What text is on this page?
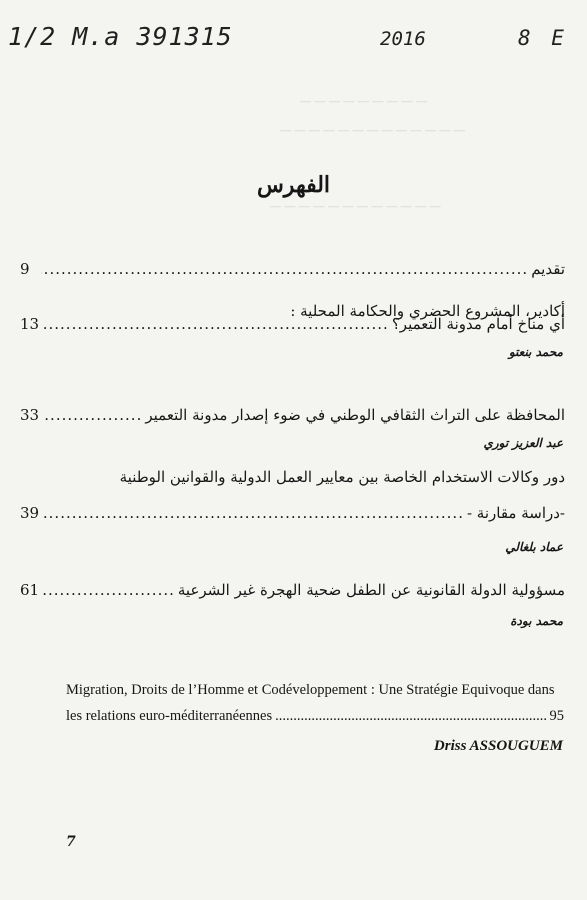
― ― ― ― ― ― ― ― ―
― ― ― ― ― ― ― ― ― ― ― ― ―
― ― ― ― ― ― ― ― ― ― ― ―
1/2 M.a 391315	2016	8 E
الفهرس
تقديم
.....
9
أكادير، المشروع الحضري والحكامة المحلية :
أي مناخ أمام مدونة التعمير؟
.....
13
محمد بنعتو
المحافظة على التراث الثقافي الوطني في ضوء إصدار مدونة التعمير
.....
33
عبد العزيز توري
دور وكالات الاستخدام الخاصة بين معايير العمل الدولية والقوانين الوطنية
-دراسة مقارنة -
.....
39
عماد بلغالي
مسؤولية الدولة القانونية عن الطفل ضحية الهجرة غير الشرعية
.....
61
محمد بودة
Migration, Droits de l’Homme et Codéveloppement : Une Stratégie Equivoque dans
les relations euro-méditerranéennes
.....	95
Driss ASSOUGUEM
7
